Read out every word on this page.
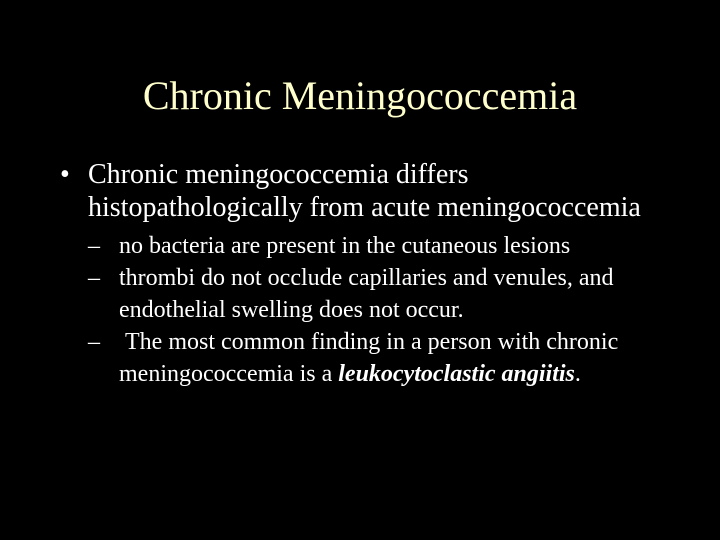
Chronic Meningococcemia
• Chronic meningococcemia differs histopathologically from acute meningococcemia
– no bacteria are present in the cutaneous lesions
– thrombi do not occlude capillaries and venules, and endothelial swelling does not occur.
– The most common finding in a person with chronic meningococcemia is a leukocytoclastic angiitis.
